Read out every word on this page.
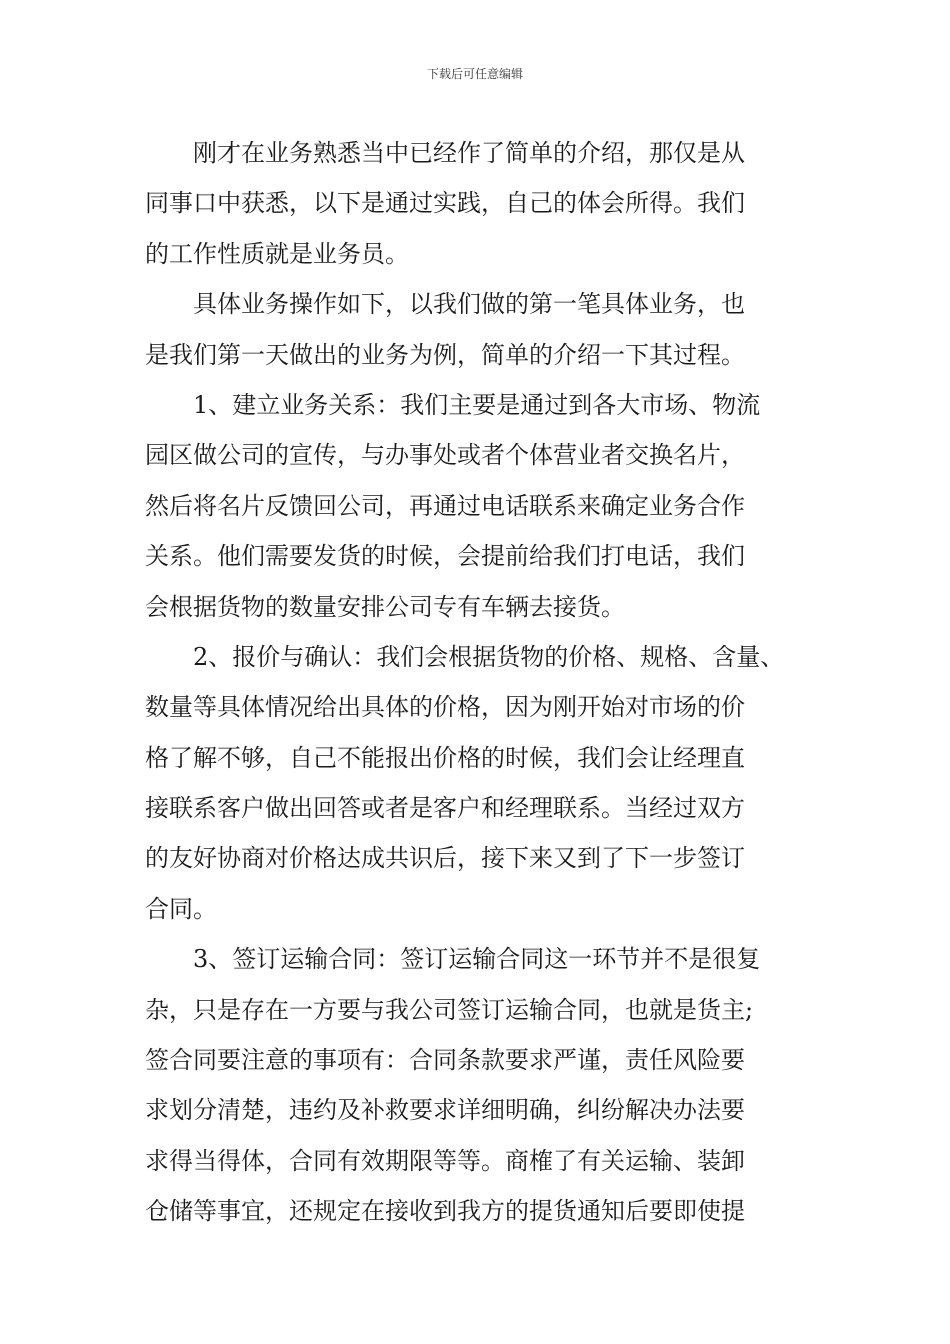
下载后可任意编辑
刚才在业务熟悉当中已经作了简单的介绍，那仅是从
同事口中获悉，以下是通过实践，自己的体会所得。我们
的工作性质就是业务员。
具体业务操作如下，以我们做的第一笔具体业务，也
是我们第一天做出的业务为例，简单的介绍一下其过程。
1、建立业务关系：我们主要是通过到各大市场、物流
园区做公司的宣传，与办事处或者个体营业者交换名片，
然后将名片反馈回公司，再通过电话联系来确定业务合作
关系。他们需要发货的时候，会提前给我们打电话，我们
会根据货物的数量安排公司专有车辆去接货。
2、报价与确认：我们会根据货物的价格、规格、含量、
数量等具体情况给出具体的价格，因为刚开始对市场的价
格了解不够，自己不能报出价格的时候，我们会让经理直
接联系客户做出回答或者是客户和经理联系。当经过双方
的友好协商对价格达成共识后，接下来又到了下一步签订
合同。
3、签订运输合同：签订运输合同这一环节并不是很复
杂，只是存在一方要与我公司签订运输合同，也就是货主;
签合同要注意的事项有：合同条款要求严谨，责任风险要
求划分清楚，违约及补救要求详细明确，纠纷解决办法要
求得当得体，合同有效期限等等。商榷了有关运输、装卸
仓储等事宜，还规定在接收到我方的提货通知后要即使提
